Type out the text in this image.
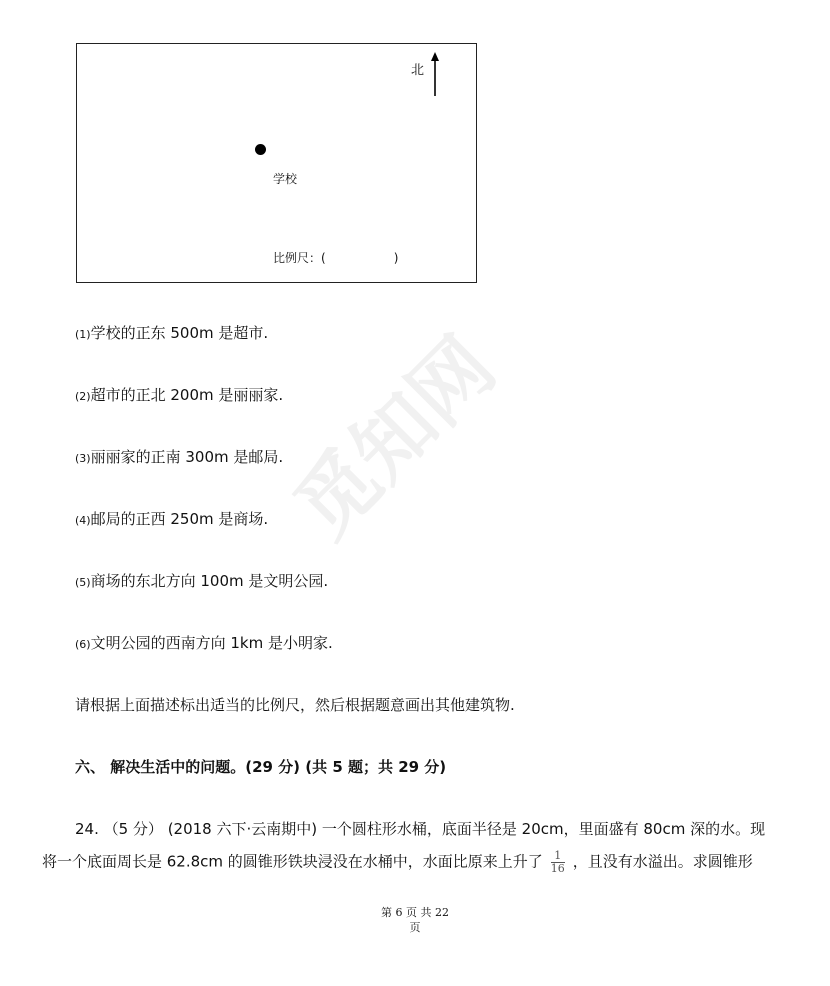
觅知网
北
学校
比例尺：(	)
(1)学校的正东 500m 是超市.
(2)超市的正北 200m 是丽丽家.
(3)丽丽家的正南 300m 是邮局.
(4)邮局的正西 250m 是商场.
(5)商场的东北方向 100m 是文明公园.
(6)文明公园的西南方向 1km 是小明家.
请根据上面描述标出适当的比例尺，然后根据题意画出其他建筑物.
六、 解决生活中的问题。(29 分) (共 5 题；共 29 分)
24. （5 分） (2018 六下·云南期中) 一个圆柱形水桶，底面半径是 20cm，里面盛有 80cm 深的水。现
将一个底面周长是 62.8cm 的圆锥形铁块浸没在水桶中，水面比原来上升了 $\frac{1}{16}$ ，且没有水溢出。求圆锥形
第 6 页 共 22
页
